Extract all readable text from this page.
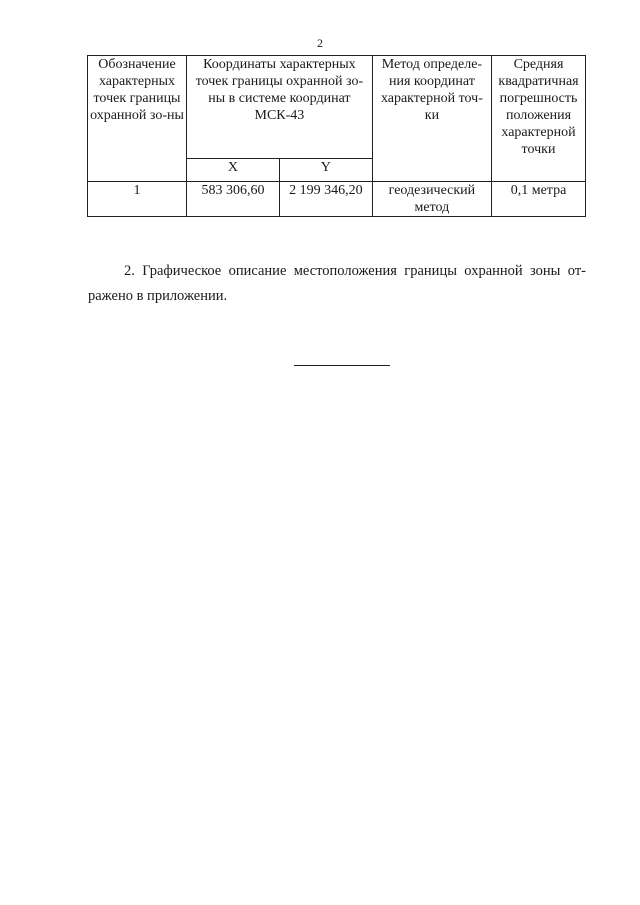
2
Обозначение характерных точек границы охранной зо-ны	Координаты характерных точек границы охранной зо-ны в системе координат МСК-43		Метод определе-ния координат характерной точ-ки	Средняя квадратичная погрешность положения характерной точки
	X	Y		
1	583 306,60	2 199 346,20	геодезический метод	0,1 метра

2. Графическое описание местоположения границы охранной зоны от-ражено в приложении.
